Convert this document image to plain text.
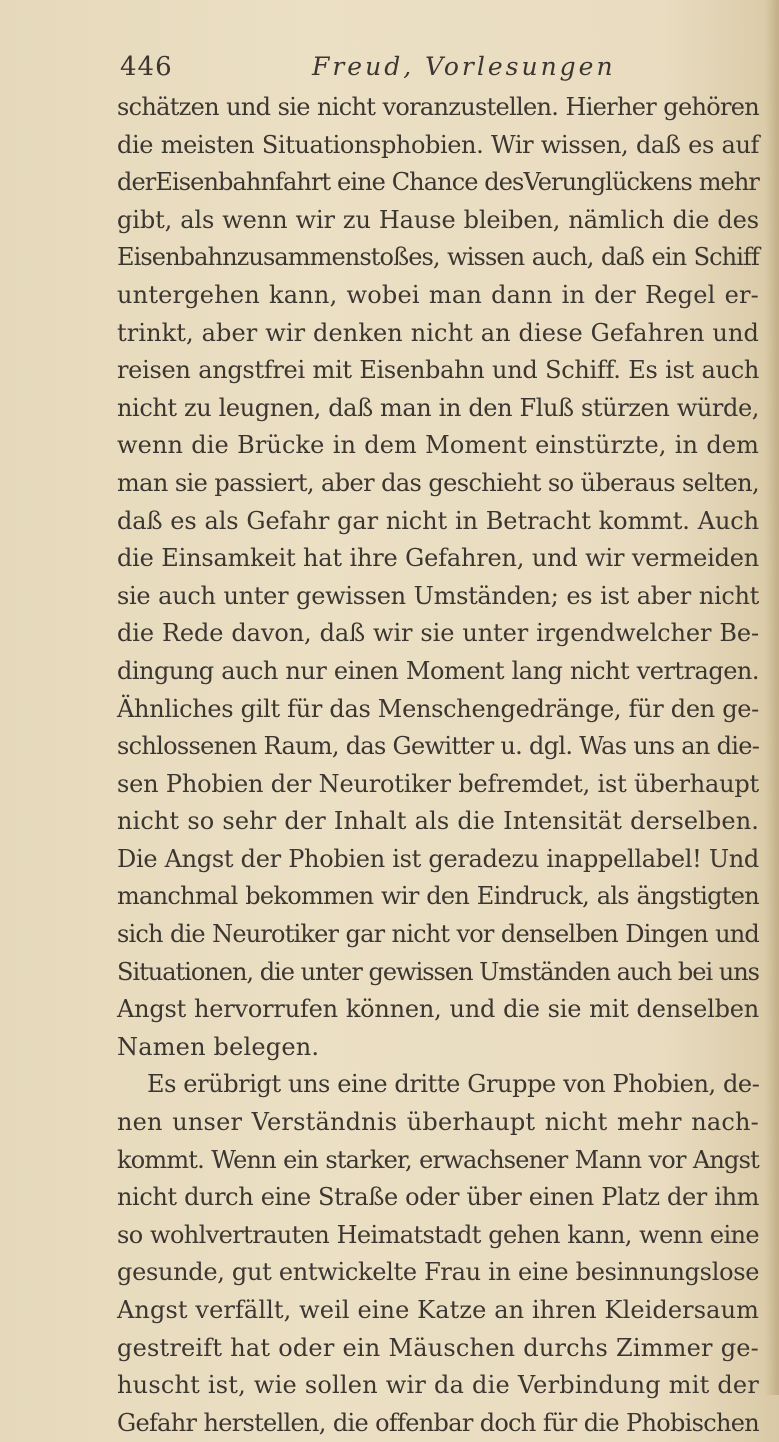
446	Freud, Vorlesungen
schätzen und sie nicht voranzustellen. Hierher gehören
die meisten Situationsphobien. Wir wissen, daß es auf
derEisenbahnfahrt eine Chance desVerunglückens mehr
gibt, als wenn wir zu Hause bleiben, nämlich die des
Eisenbahnzusammenstoßes, wissen auch, daß ein Schiff
untergehen kann, wobei man dann in der Regel er-
trinkt, aber wir denken nicht an diese Gefahren und
reisen angstfrei mit Eisenbahn und Schiff. Es ist auch
nicht zu leugnen, daß man in den Fluß stürzen würde,
wenn die Brücke in dem Moment einstürzte, in dem
man sie passiert, aber das geschieht so überaus selten,
daß es als Gefahr gar nicht in Betracht kommt. Auch
die Einsamkeit hat ihre Gefahren, und wir vermeiden
sie auch unter gewissen Umständen; es ist aber nicht
die Rede davon, daß wir sie unter irgendwelcher Be-
dingung auch nur einen Moment lang nicht vertragen.
Ähnliches gilt für das Menschengedränge, für den ge-
schlossenen Raum, das Gewitter u. dgl. Was uns an die-
sen Phobien der Neurotiker befremdet, ist überhaupt
nicht so sehr der Inhalt als die Intensität derselben.
Die Angst der Phobien ist geradezu inappellabel! Und
manchmal bekommen wir den Eindruck, als ängstigten
sich die Neurotiker gar nicht vor denselben Dingen und
Situationen, die unter gewissen Umständen auch bei uns
Angst hervorrufen können, und die sie mit denselben
Namen belegen.
Es erübrigt uns eine dritte Gruppe von Phobien, de-
nen unser Verständnis überhaupt nicht mehr nach-
kommt. Wenn ein starker, erwachsener Mann vor Angst
nicht durch eine Straße oder über einen Platz der ihm
so wohlvertrauten Heimatstadt gehen kann, wenn eine
gesunde, gut entwickelte Frau in eine besinnungslose
Angst verfällt, weil eine Katze an ihren Kleidersaum
gestreift hat oder ein Mäuschen durchs Zimmer ge-
huscht ist, wie sollen wir da die Verbindung mit der
Gefahr herstellen, die offenbar doch für die Phobischen
